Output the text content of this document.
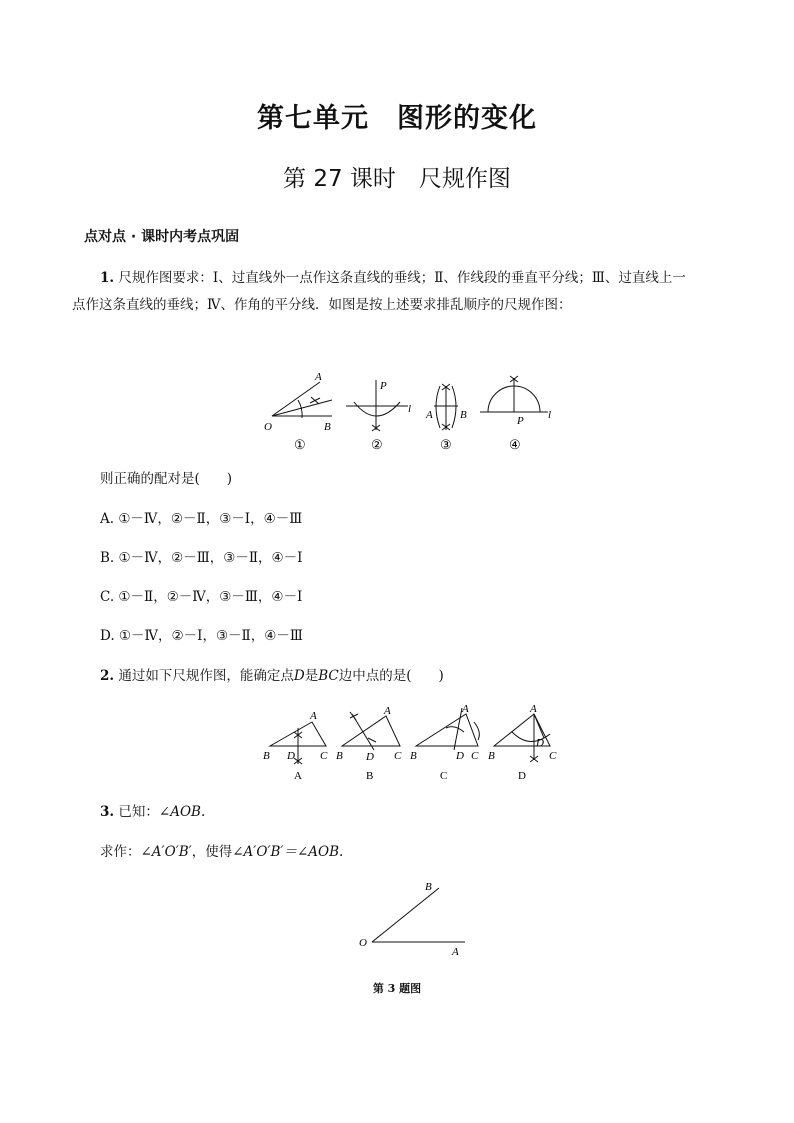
第七单元　图形的变化
第 27 课时　尺规作图
点对点 · 课时内考点巩固
1. 尺规作图要求：Ⅰ、过直线外一点作这条直线的垂线；Ⅱ、作线段的垂直平分线；Ⅲ、过直线上一
点作这条直线的垂线；Ⅳ、作角的平分线．如图是按上述要求排乱顺序的尺规作图：
A
O	B
①
P
l
②
A B
③
P l
④
则正确的配对是(　　)
A. ①－Ⅳ，②－Ⅱ，③－Ⅰ，④－Ⅲ
B. ①－Ⅳ，②－Ⅲ，③－Ⅱ，④－Ⅰ
C. ①－Ⅱ，②－Ⅳ，③－Ⅲ，④－Ⅰ
D. ①－Ⅳ，②－Ⅰ，③－Ⅱ，④－Ⅲ
2. 通过如下尺规作图，能确定点D是BC边中点的是(　　)
A
B	C
D
A
A
B	C
D
B
A
B	C
D
C
A
B	C
D
D
3. 已知：∠AOB.
求作：∠A′O′B′，使得∠A′O′B′＝∠AOB.
B
O
A
第 3 题图
